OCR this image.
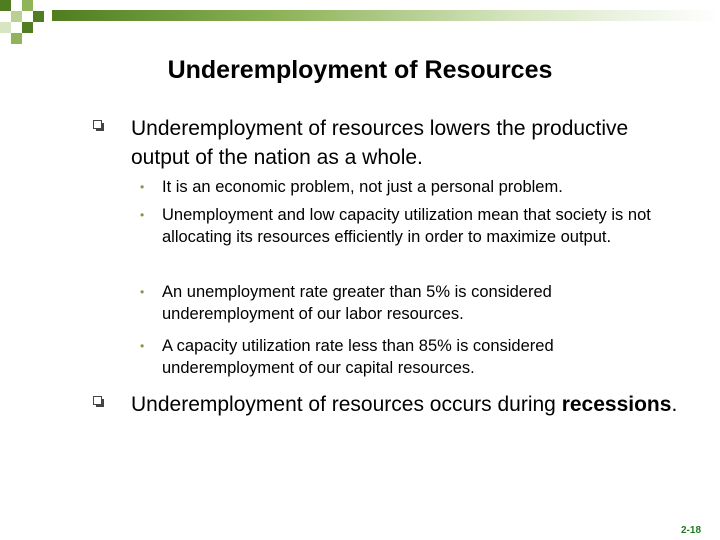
Underemployment of Resources
Underemployment of resources lowers the productive output of the nation as a whole.
• It is an economic problem, not just a personal problem.
• Unemployment and low capacity utilization mean that society is not allocating its resources efficiently in order to maximize output.
• An unemployment rate greater than 5% is considered underemployment of our labor resources.
• A capacity utilization rate less than 85% is considered underemployment of our capital resources.
Underemployment of resources occurs during recessions.
2-18
